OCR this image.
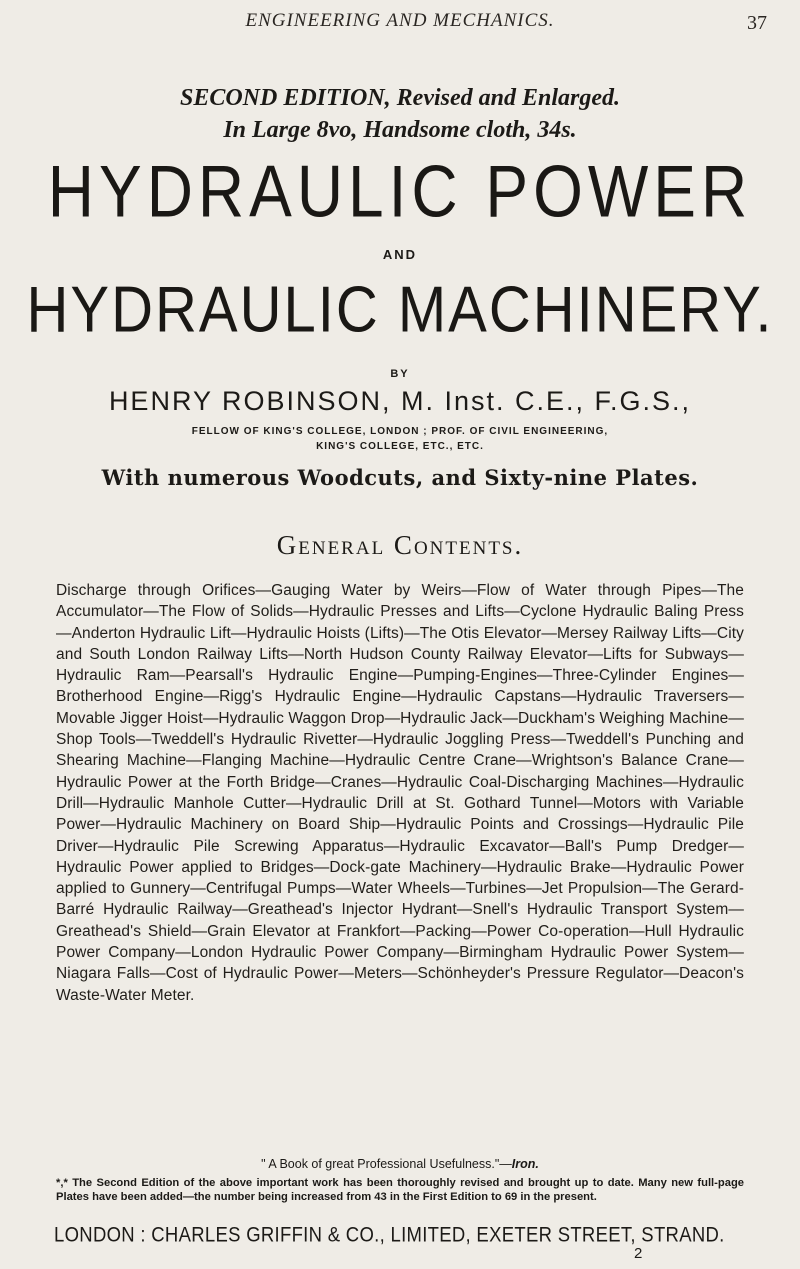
ENGINEERING AND MECHANICS.	37
SECOND EDITION, Revised and Enlarged.
In Large 8vo, Handsome cloth, 34s.
HYDRAULIC POWER
AND
HYDRAULIC MACHINERY.
BY
HENRY ROBINSON, M. Inst. C.E., F.G.S.,
FELLOW OF KING'S COLLEGE, LONDON ; PROF. OF CIVIL ENGINEERING,
KING'S COLLEGE, ETC., ETC.
With numerous Woodcuts, and Sixty-nine Plates.
General Contents.
Discharge through Orifices—Gauging Water by Weirs—Flow of Water through Pipes—The Accumulator—The Flow of Solids—Hydraulic Presses and Lifts—Cyclone Hydraulic Baling Press—Anderton Hydraulic Lift—Hydraulic Hoists (Lifts)—The Otis Elevator—Mersey Railway Lifts—City and South London Railway Lifts—North Hudson County Railway Elevator—Lifts for Subways—Hydraulic Ram—Pearsall's Hydraulic Engine—Pumping-Engines—Three-Cylinder Engines—Brotherhood Engine—Rigg's Hydraulic Engine—Hydraulic Capstans—Hydraulic Traversers—Movable Jigger Hoist—Hydraulic Waggon Drop—Hydraulic Jack—Duckham's Weighing Machine—Shop Tools—Tweddell's Hydraulic Rivetter—Hydraulic Joggling Press—Tweddell's Punching and Shearing Machine—Flanging Machine—Hydraulic Centre Crane—Wrightson's Balance Crane—Hydraulic Power at the Forth Bridge—Cranes—Hydraulic Coal-Discharging Machines—Hydraulic Drill—Hydraulic Manhole Cutter—Hydraulic Drill at St. Gothard Tunnel—Motors with Variable Power—Hydraulic Machinery on Board Ship—Hydraulic Points and Crossings—Hydraulic Pile Driver—Hydraulic Pile Screwing Apparatus—Hydraulic Excavator—Ball's Pump Dredger—Hydraulic Power applied to Bridges—Dock-gate Machinery—Hydraulic Brake—Hydraulic Power applied to Gunnery—Centrifugal Pumps—Water Wheels—Turbines—Jet Propulsion—The Gerard-Barré Hydraulic Railway—Greathead's Injector Hydrant—Snell's Hydraulic Transport System—Greathead's Shield—Grain Elevator at Frankfort—Packing—Power Co-operation—Hull Hydraulic Power Company—London Hydraulic Power Company—Birmingham Hydraulic Power System—Niagara Falls—Cost of Hydraulic Power—Meters—Schönheyder's Pressure Regulator—Deacon's Waste-Water Meter.
" A Book of great Professional Usefulness."—Iron.
*,* The Second Edition of the above important work has been thoroughly revised and brought up to date. Many new full-page Plates have been added—the number being increased from 43 in the First Edition to 69 in the present.
LONDON : CHARLES GRIFFIN & CO., LIMITED, EXETER STREET, STRAND.
2
